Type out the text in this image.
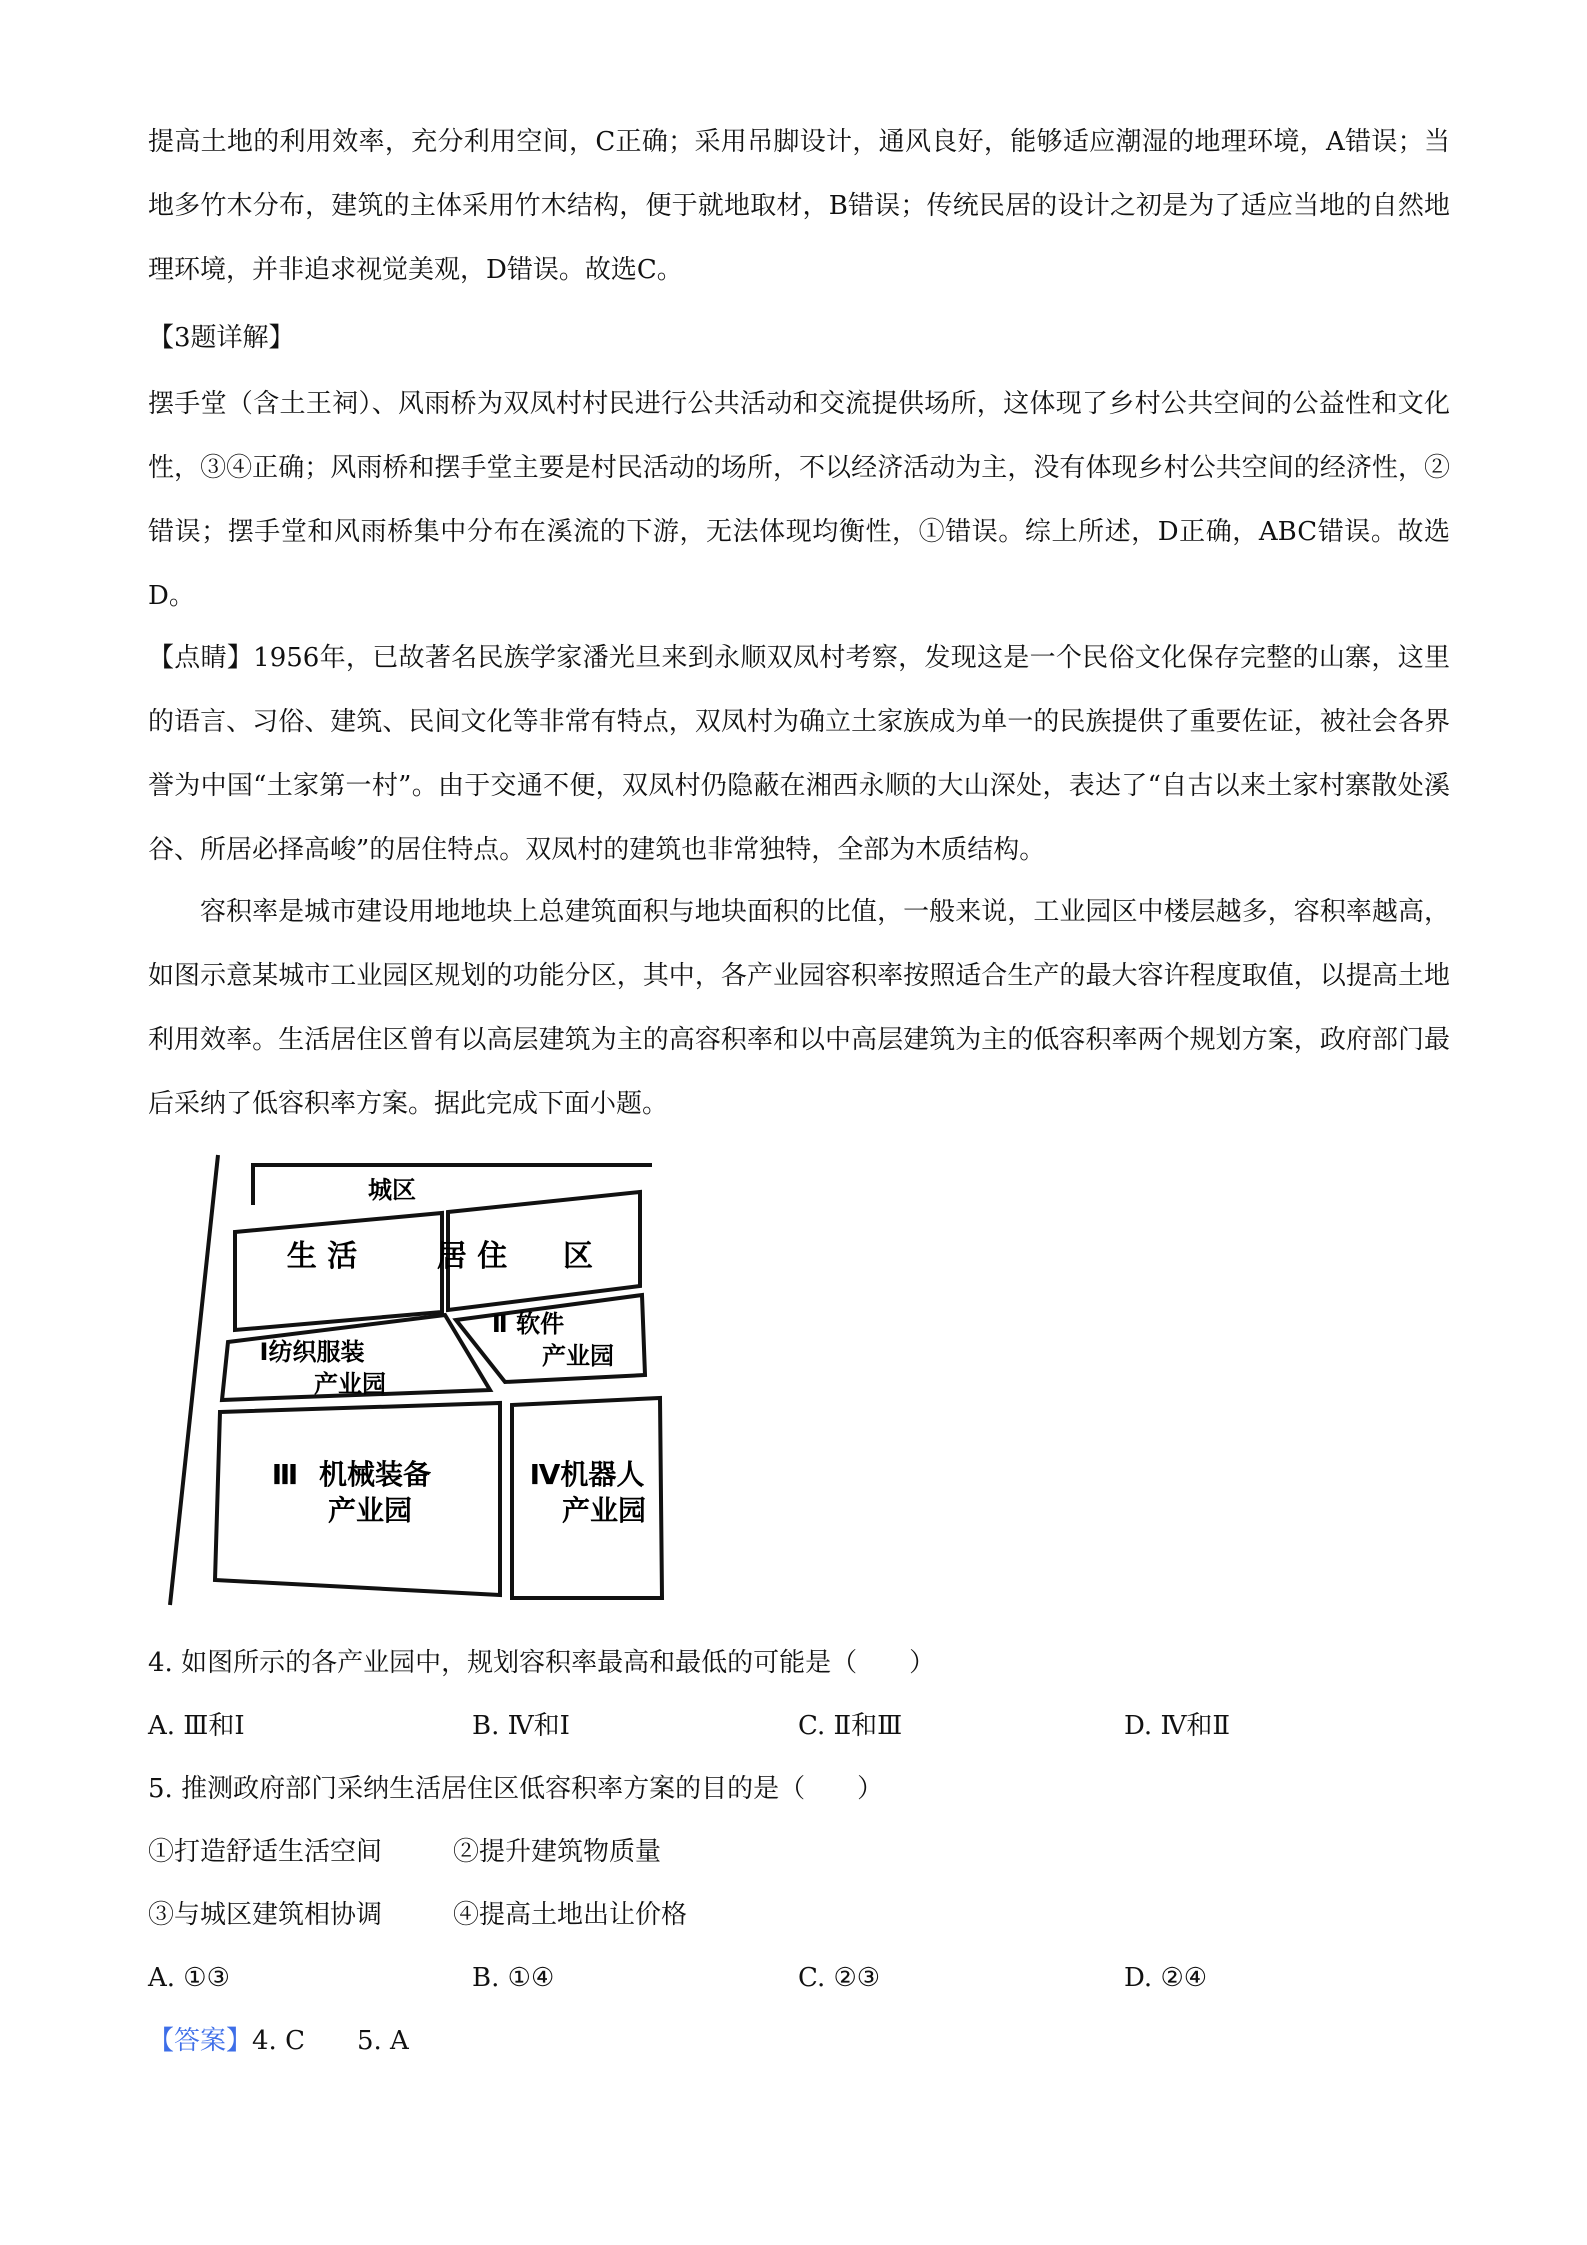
提高土地的利用效率，充分利用空间，C正确；采用吊脚设计，通风良好，能够适应潮湿的地理环境，A错误；当地多竹木分布，建筑的主体采用竹木结构，便于就地取材，B错误；传统民居的设计之初是为了适应当地的自然地理环境，并非追求视觉美观，D错误。故选C。

【3题详解】

摆手堂（含土王祠）、风雨桥为双凤村村民进行公共活动和交流提供场所，这体现了乡村公共空间的公益性和文化性，③④正确；风雨桥和摆手堂主要是村民活动的场所，不以经济活动为主，没有体现乡村公共空间的经济性，②错误；摆手堂和风雨桥集中分布在溪流的下游，无法体现均衡性，①错误。综上所述，D正确，ABC错误。故选D。

【点睛】1956年，已故著名民族学家潘光旦来到永顺双凤村考察，发现这是一个民俗文化保存完整的山寨，这里的语言、习俗、建筑、民间文化等非常有特点，双凤村为确立土家族成为单一的民族提供了重要佐证，被社会各界誉为中国“土家第一村”。由于交通不便，双凤村仍隐蔽在湘西永顺的大山深处，表达了“自古以来土家村寨散处溪谷、所居必择高峻”的居住特点。双凤村的建筑也非常独特，全部为木质结构。

容积率是城市建设用地地块上总建筑面积与地块面积的比值，一般来说，工业园区中楼层越多，容积率越高，如图示意某城市工业园区规划的功能分区，其中，各产业园容积率按照适合生产的最大容许程度取值，以提高土地利用效率。生活居住区曾有以高层建筑为主的高容积率和以中高层建筑为主的低容积率两个规划方案，政府部门最后采纳了低容积率方案。据此完成下面小题。

城区
生 活	居 住 区
Ⅰ纺织服装
产业园
Ⅱ 软件
产业园
Ⅲ 机械装备
产业园
Ⅳ机器人
产业园
4. 如图所示的各产业园中，规划容积率最高和最低的可能是（　　）
A. Ⅲ和Ⅰ	B. Ⅳ和Ⅰ	C. Ⅱ和Ⅲ	D. Ⅳ和Ⅱ
5. 推测政府部门采纳生活居住区低容积率方案的目的是（　　）
①打造舒适生活空间	②提升建筑物质量
③与城区建筑相协调	④提高土地出让价格
A. ①③	B. ①④	C. ②③	D. ②④
【答案】4. C　　5. A
